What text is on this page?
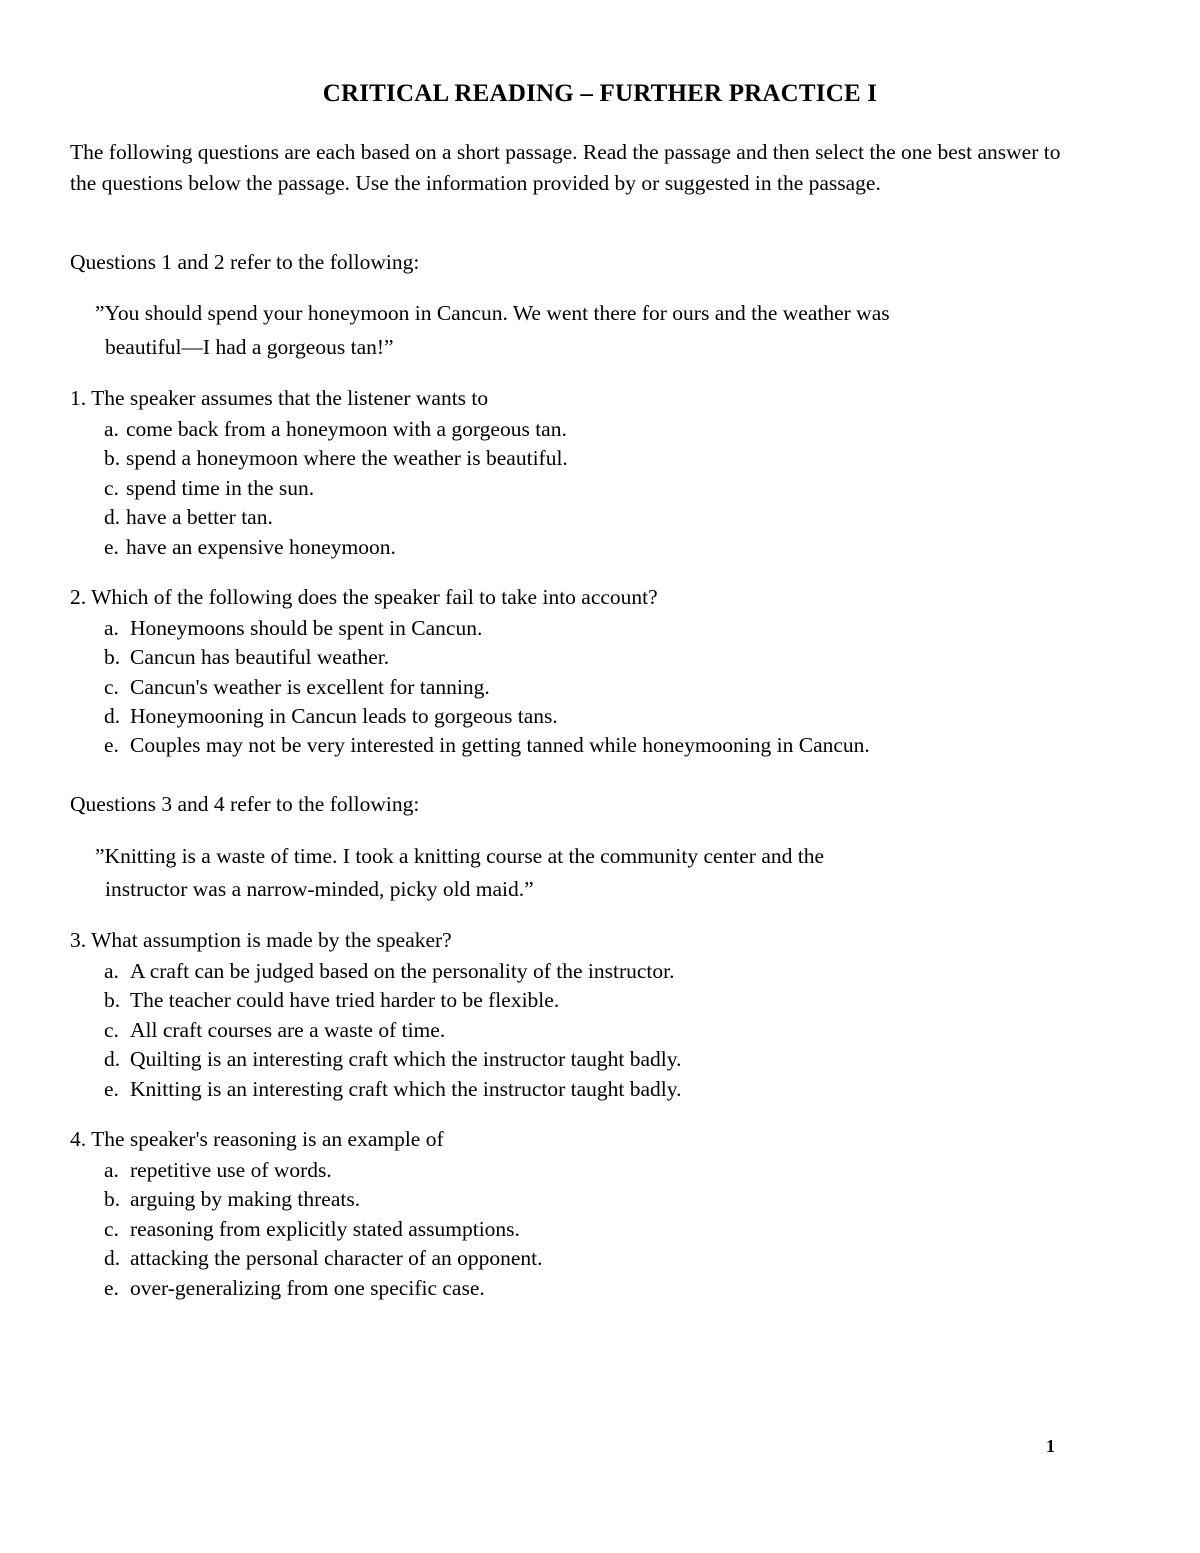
CRITICAL READING – FURTHER PRACTICE I
The following questions are each based on a short passage. Read the passage and then select the one best answer to the questions below the passage. Use the information provided by or suggested in the passage.
Questions 1 and 2 refer to the following:
”You should spend your honeymoon in Cancun. We went there for ours and the weather was
beautiful—I had a gorgeous tan!”
1. The speaker assumes that the listener wants to
a. come back from a honeymoon with a gorgeous tan.
b. spend a honeymoon where the weather is beautiful.
c. spend time in the sun.
d. have a better tan.
e. have an expensive honeymoon.
2. Which of the following does the speaker fail to take into account?
a. Honeymoons should be spent in Cancun.
b. Cancun has beautiful weather.
c. Cancun's weather is excellent for tanning.
d. Honeymooning in Cancun leads to gorgeous tans.
e. Couples may not be very interested in getting tanned while honeymooning in Cancun.
Questions 3 and 4 refer to the following:
”Knitting is a waste of time. I took a knitting course at the community center and the
instructor was a narrow-minded, picky old maid.”
3. What assumption is made by the speaker?
a. A craft can be judged based on the personality of the instructor.
b. The teacher could have tried harder to be flexible.
c. All craft courses are a waste of time.
d. Quilting is an interesting craft which the instructor taught badly.
e. Knitting is an interesting craft which the instructor taught badly.
4. The speaker's reasoning is an example of
a. repetitive use of words.
b. arguing by making threats.
c. reasoning from explicitly stated assumptions.
d. attacking the personal character of an opponent.
e. over-generalizing from one specific case.
1
